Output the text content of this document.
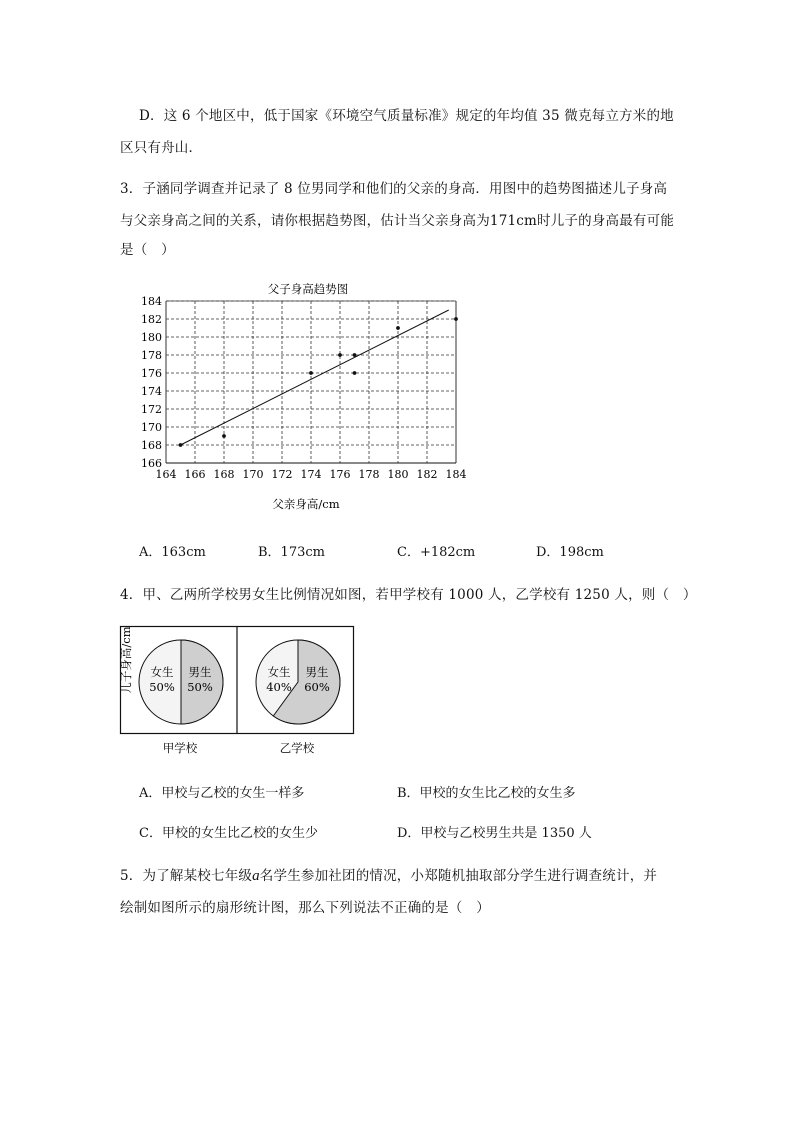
D．这 6 个地区中，低于国家《环境空气质量标准》规定的年均值 35 微克每立方米的地
区只有舟山．
3．子涵同学调查并记录了 8 位男同学和他们的父亲的身高．用图中的趋势图描述儿子身高
与父亲身高之间的关系，请你根据趋势图，估计当父亲身高为171cm时儿子的身高最有可能
是（　）
父子身高趋势图
164 166 168 170 172 174 176 178 180 182 184
166
168
170
172
174
176
178
180
182
184
父亲身高/cm
儿子身高/cm
A．163cm	B．173cm	C．+182cm	D．198cm
4．甲、乙两所学校男女生比例情况如图，若甲学校有 1000 人，乙学校有 1250 人，则（　）
女生
50%
男生
50%
甲学校
女生
40%
男生
60%
乙学校
A．甲校与乙校的女生一样多	B．甲校的女生比乙校的女生多
C．甲校的女生比乙校的女生少	D．甲校与乙校男生共是 1350 人
5．为了解某校七年级a名学生参加社团的情况，小郑随机抽取部分学生进行调查统计，并
绘制如图所示的扇形统计图，那么下列说法不正确的是（　）
